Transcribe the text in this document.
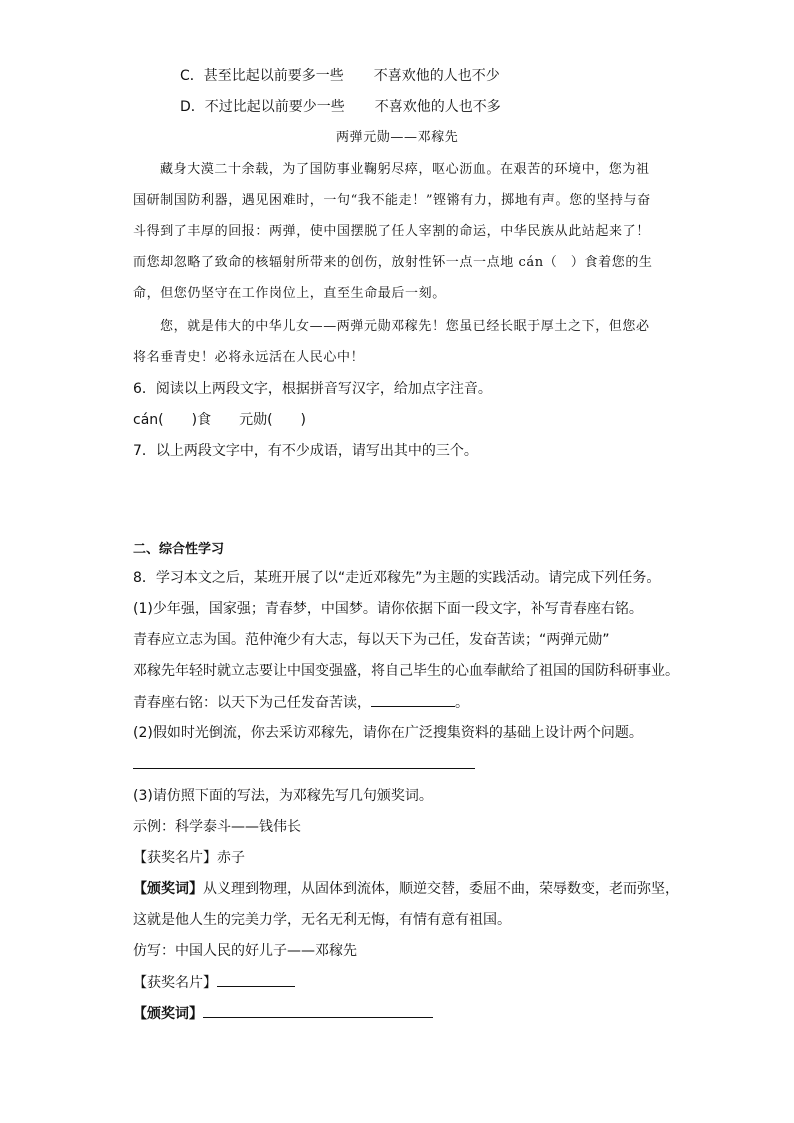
C．甚至比起以前要多一些 不喜欢他的人也不少
D．不过比起以前要少一些 不喜欢他的人也不多
两弹元勋——邓稼先
藏身大漠二十余载，为了国防事业鞠躬尽瘁，呕心沥血。在艰苦的环境中，您为祖
国研制国防利器，遇见困难时，一句“我不能走！”铿锵有力，掷地有声。您的坚持与奋
斗得到了丰厚的回报：两弹，使中国摆脱了任人宰割的命运，中华民族从此站起来了！
而您却忽略了致命的核辐射所带来的创伤，放射性钚一点一点地 cán（　）食着您的生
命，但您仍坚守在工作岗位上，直至生命最后一刻。
您，就是伟大的中华儿女——两弹元勋邓稼先！您虽已经长眠于厚土之下，但您必
将名垂青史！必将永远活在人民心中！
6．阅读以上两段文字，根据拼音写汉字，给加点字注音。
cán(　　)食　　元勋(　　)
7．以上两段文字中，有不少成语，请写出其中的三个。
二、综合性学习
8．学习本文之后，某班开展了以“走近邓稼先”为主题的实践活动。请完成下列任务。
(1)少年强，国家强；青春梦，中国梦。请你依据下面一段文字，补写青春座右铭。
青春应立志为国。范仲淹少有大志，每以天下为己任，发奋苦读；“两弹元勋”
邓稼先年轻时就立志要让中国变强盛，将自己毕生的心血奉献给了祖国的国防科研事业。
青春座右铭：以天下为己任发奋苦读，	。
(2)假如时光倒流，你去采访邓稼先，请你在广泛搜集资料的基础上设计两个问题。
(3)请仿照下面的写法，为邓稼先写几句颁奖词。
示例：科学泰斗——钱伟长
【获奖名片】赤子
【颁奖词】从义理到物理，从固体到流体，顺逆交替，委屈不曲，荣辱数变，老而弥坚，
这就是他人生的完美力学，无名无利无悔，有情有意有祖国。
仿写：中国人民的好儿子——邓稼先
【获奖名片】
【颁奖词】
